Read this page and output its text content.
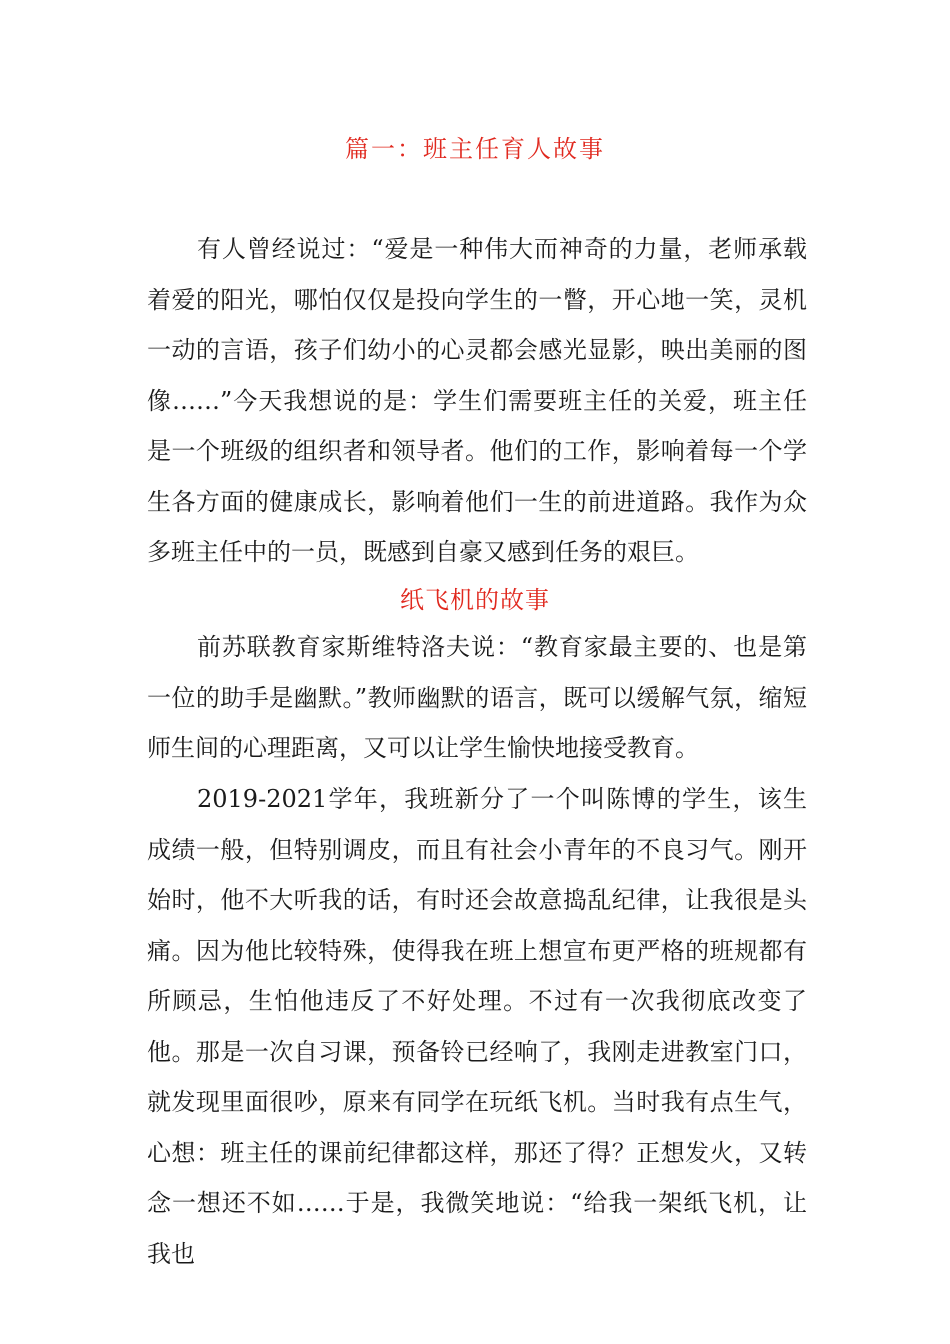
篇一：班主任育人故事

有人曾经说过：“爱是一种伟大而神奇的力量，老师承载着爱的阳光，哪怕仅仅是投向学生的一瞥，开心地一笑，灵机一动的言语，孩子们幼小的心灵都会感光显影，映出美丽的图像……”今天我想说的是：学生们需要班主任的关爱，班主任是一个班级的组织者和领导者。他们的工作，影响着每一个学生各方面的健康成长，影响着他们一生的前进道路。我作为众多班主任中的一员，既感到自豪又感到任务的艰巨。

纸飞机的故事

前苏联教育家斯维特洛夫说：“教育家最主要的、也是第一位的助手是幽默。”教师幽默的语言，既可以缓解气氛，缩短师生间的心理距离，又可以让学生愉快地接受教育。

2019-2021学年，我班新分了一个叫陈博的学生，该生成绩一般，但特别调皮，而且有社会小青年的不良习气。刚开始时，他不大听我的话，有时还会故意捣乱纪律，让我很是头痛。因为他比较特殊，使得我在班上想宣布更严格的班规都有所顾忌，生怕他违反了不好处理。不过有一次我彻底改变了他。那是一次自习课，预备铃已经响了，我刚走进教室门口，就发现里面很吵，原来有同学在玩纸飞机。当时我有点生气，心想：班主任的课前纪律都这样，那还了得？正想发火，又转念一想还不如……于是，我微笑地说：“给我一架纸飞机，让我也
